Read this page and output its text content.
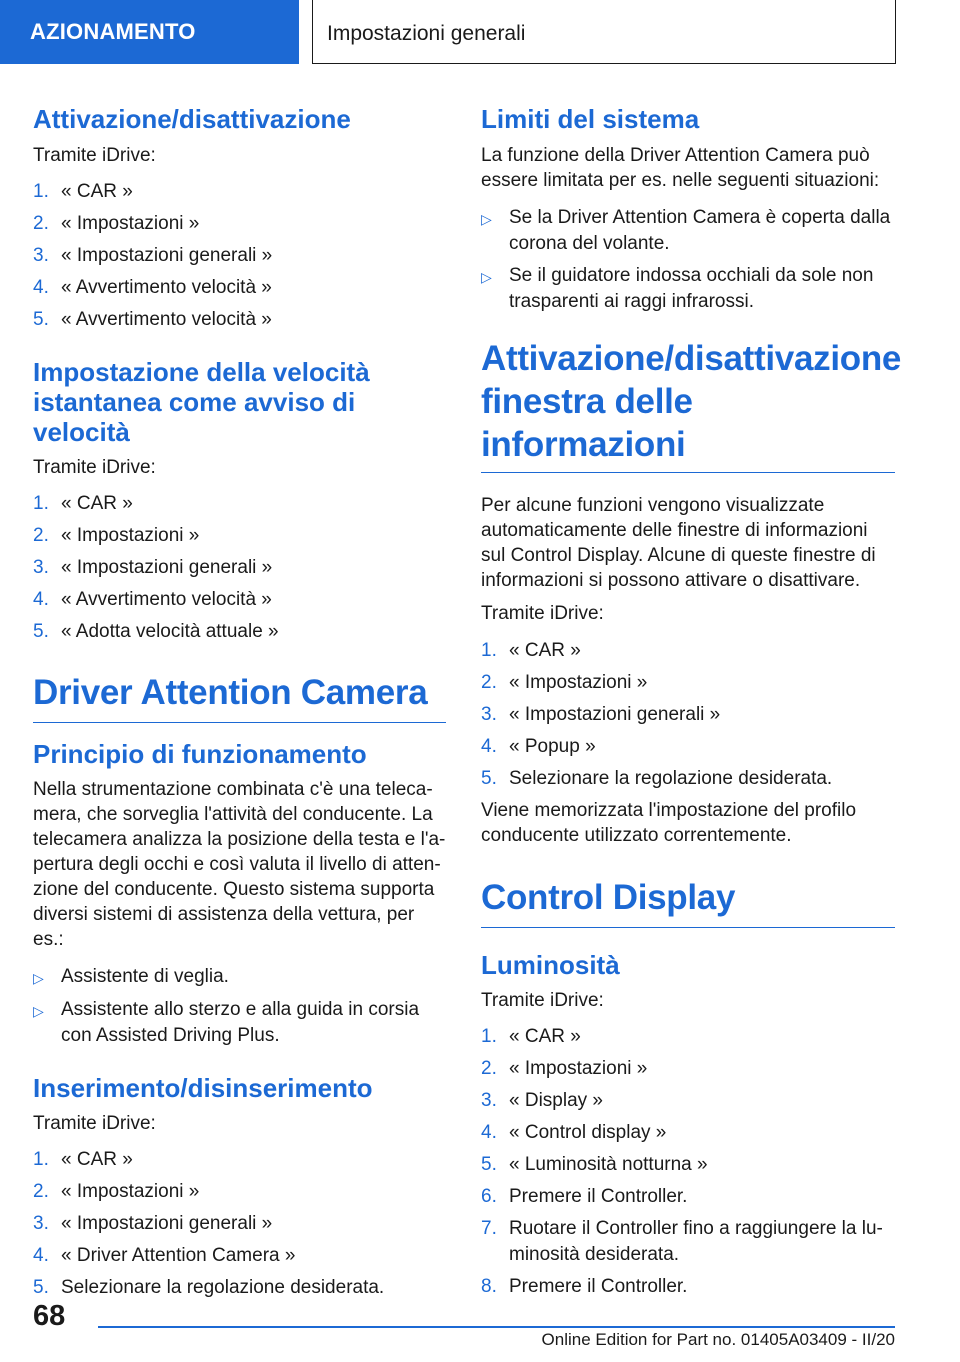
AZIONAMENTO	Impostazioni generali
Attivazione/disattivazione
Tramite iDrive:
1. « CAR »
2. « Impostazioni »
3. « Impostazioni generali »
4. « Avvertimento velocità »
5. « Avvertimento velocità »
Impostazione della velocità istantanea come avviso di velocità
Tramite iDrive:
1. « CAR »
2. « Impostazioni »
3. « Impostazioni generali »
4. « Avvertimento velocità »
5. « Adotta velocità attuale »
Driver Attention Camera
Principio di funzionamento
Nella strumentazione combinata c'è una telecamera, che sorveglia l'attività del conducente. La telecamera analizza la posizione della testa e l'apertura degli occhi e così valuta il livello di attenzione del conducente. Questo sistema supporta diversi sistemi di assistenza della vettura, per es.:
▷ Assistente di veglia.
▷ Assistente allo sterzo e alla guida in corsia con Assisted Driving Plus.
Inserimento/disinserimento
Tramite iDrive:
1. « CAR »
2. « Impostazioni »
3. « Impostazioni generali »
4. « Driver Attention Camera »
5. Selezionare la regolazione desiderata.
Limiti del sistema
La funzione della Driver Attention Camera può essere limitata per es. nelle seguenti situazioni:
▷ Se la Driver Attention Camera è coperta dalla corona del volante.
▷ Se il guidatore indossa occhiali da sole non trasparenti ai raggi infrarossi.
Attivazione/disattivazione finestra delle informazioni
Per alcune funzioni vengono visualizzate automaticamente delle finestre di informazioni sul Control Display. Alcune di queste finestre di informazioni si possono attivare o disattivare.
Tramite iDrive:
1. « CAR »
2. « Impostazioni »
3. « Impostazioni generali »
4. « Popup »
5. Selezionare la regolazione desiderata.
Viene memorizzata l'impostazione del profilo conducente utilizzato correntemente.
Control Display
Luminosità
Tramite iDrive:
1. « CAR »
2. « Impostazioni »
3. « Display »
4. « Control display »
5. « Luminosità notturna »
6. Premere il Controller.
7. Ruotare il Controller fino a raggiungere la luminosità desiderata.
8. Premere il Controller.
68
Online Edition for Part no. 01405A03409 - II/20
